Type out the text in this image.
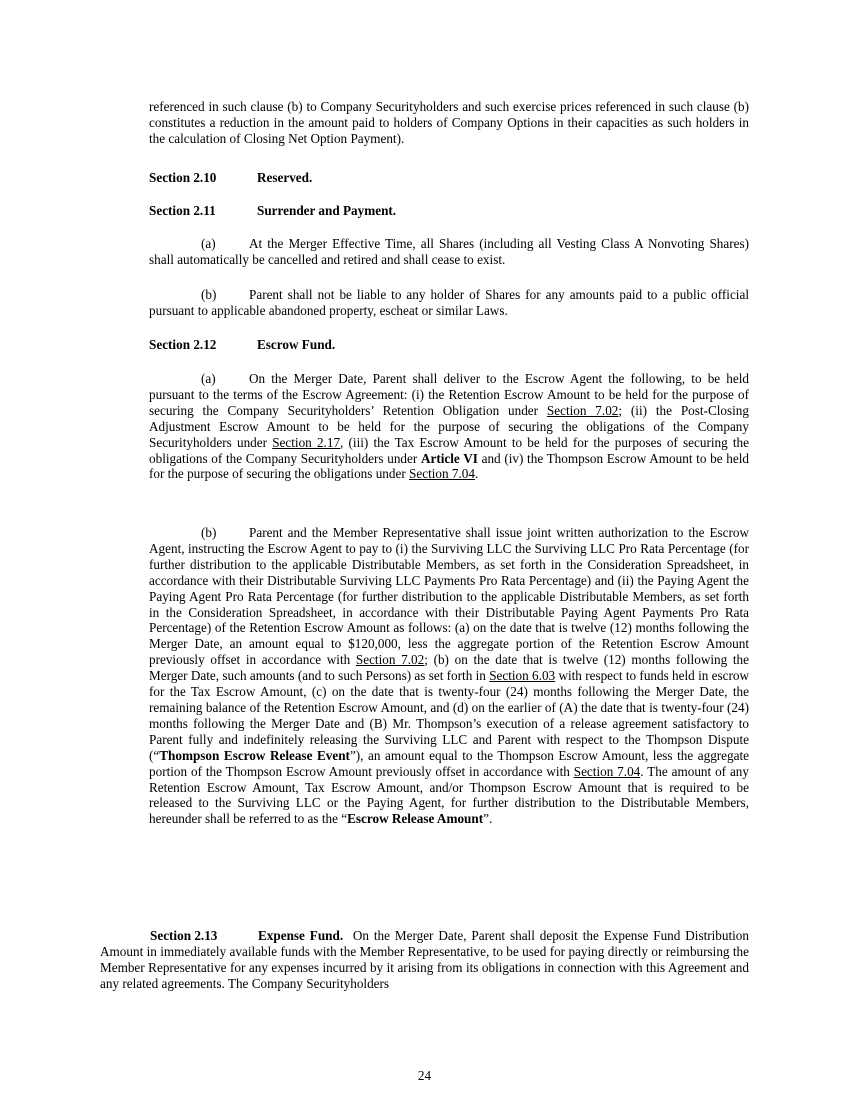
referenced in such clause (b) to Company Securityholders and such exercise prices referenced in such clause (b) constitutes a reduction in the amount paid to holders of Company Options in their capacities as such holders in the calculation of Closing Net Option Payment).

Section 2.10	Reserved.

Section 2.11	Surrender and Payment.

(a)	At the Merger Effective Time, all Shares (including all Vesting Class A Nonvoting Shares) shall automatically be cancelled and retired and shall cease to exist.

(b) Parent shall not be liable to any holder of Shares for any amounts paid to a public official pursuant to applicable abandoned property, escheat or similar Laws.

Section 2.12	Escrow Fund.

(a)	On the Merger Date, Parent shall deliver to the Escrow Agent the following, to be held pursuant to the terms of the Escrow Agreement: (i) the Retention Escrow Amount to be held for the purpose of securing the Company Securityholders’ Retention Obligation under Section 7.02; (ii) the Post-Closing Adjustment Escrow Amount to be held for the purpose of securing the obligations of the Company Securityholders under Section 2.17, (iii) the Tax Escrow Amount to be held for the purposes of securing the obligations of the Company Securityholders under Article VI and (iv) the Thompson Escrow Amount to be held for the purpose of securing the obligations under Section 7.04.

(b) Parent and the Member Representative shall issue joint written authorization to the Escrow Agent, instructing the Escrow Agent to pay to (i) the Surviving LLC the Surviving LLC Pro Rata Percentage (for further distribution to the applicable Distributable Members, as set forth in the Consideration Spreadsheet, in accordance with their Distributable Surviving LLC Payments Pro Rata Percentage) and (ii) the Paying Agent the Paying Agent Pro Rata Percentage (for further distribution to the applicable Distributable Members, as set forth in the Consideration Spreadsheet, in accordance with their Distributable Paying Agent Payments Pro Rata Percentage) of the Retention Escrow Amount as follows: (a) on the date that is twelve (12) months following the Merger Date, an amount equal to $120,000, less the aggregate portion of the Retention Escrow Amount previously offset in accordance with Section 7.02; (b) on the date that is twelve (12) months following the Merger Date, such amounts (and to such Persons) as set forth in Section 6.03 with respect to funds held in escrow for the Tax Escrow Amount, (c) on the date that is twenty-four (24) months following the Merger Date, the remaining balance of the Retention Escrow Amount, and (d) on the earlier of (A) the date that is twenty-four (24) months following the Merger Date and (B) Mr. Thompson’s execution of a release agreement satisfactory to Parent fully and indefinitely releasing the Surviving LLC and Parent with respect to the Thompson Dispute (“Thompson Escrow Release Event”), an amount equal to the Thompson Escrow Amount, less the aggregate portion of the Thompson Escrow Amount previously offset in accordance with Section 7.04. The amount of any Retention Escrow Amount, Tax Escrow Amount, and/or Thompson Escrow Amount that is required to be released to the Surviving LLC or the Paying Agent, for further distribution to the Distributable Members, hereunder shall be referred to as the “Escrow Release Amount”.

Section 2.13	Expense Fund.  On the Merger Date, Parent shall deposit the Expense Fund Distribution Amount in immediately available funds with the Member Representative, to be used for paying directly or reimbursing the Member Representative for any expenses incurred by it arising from its obligations in connection with this Agreement and any related agreements. The Company Securityholders

24
